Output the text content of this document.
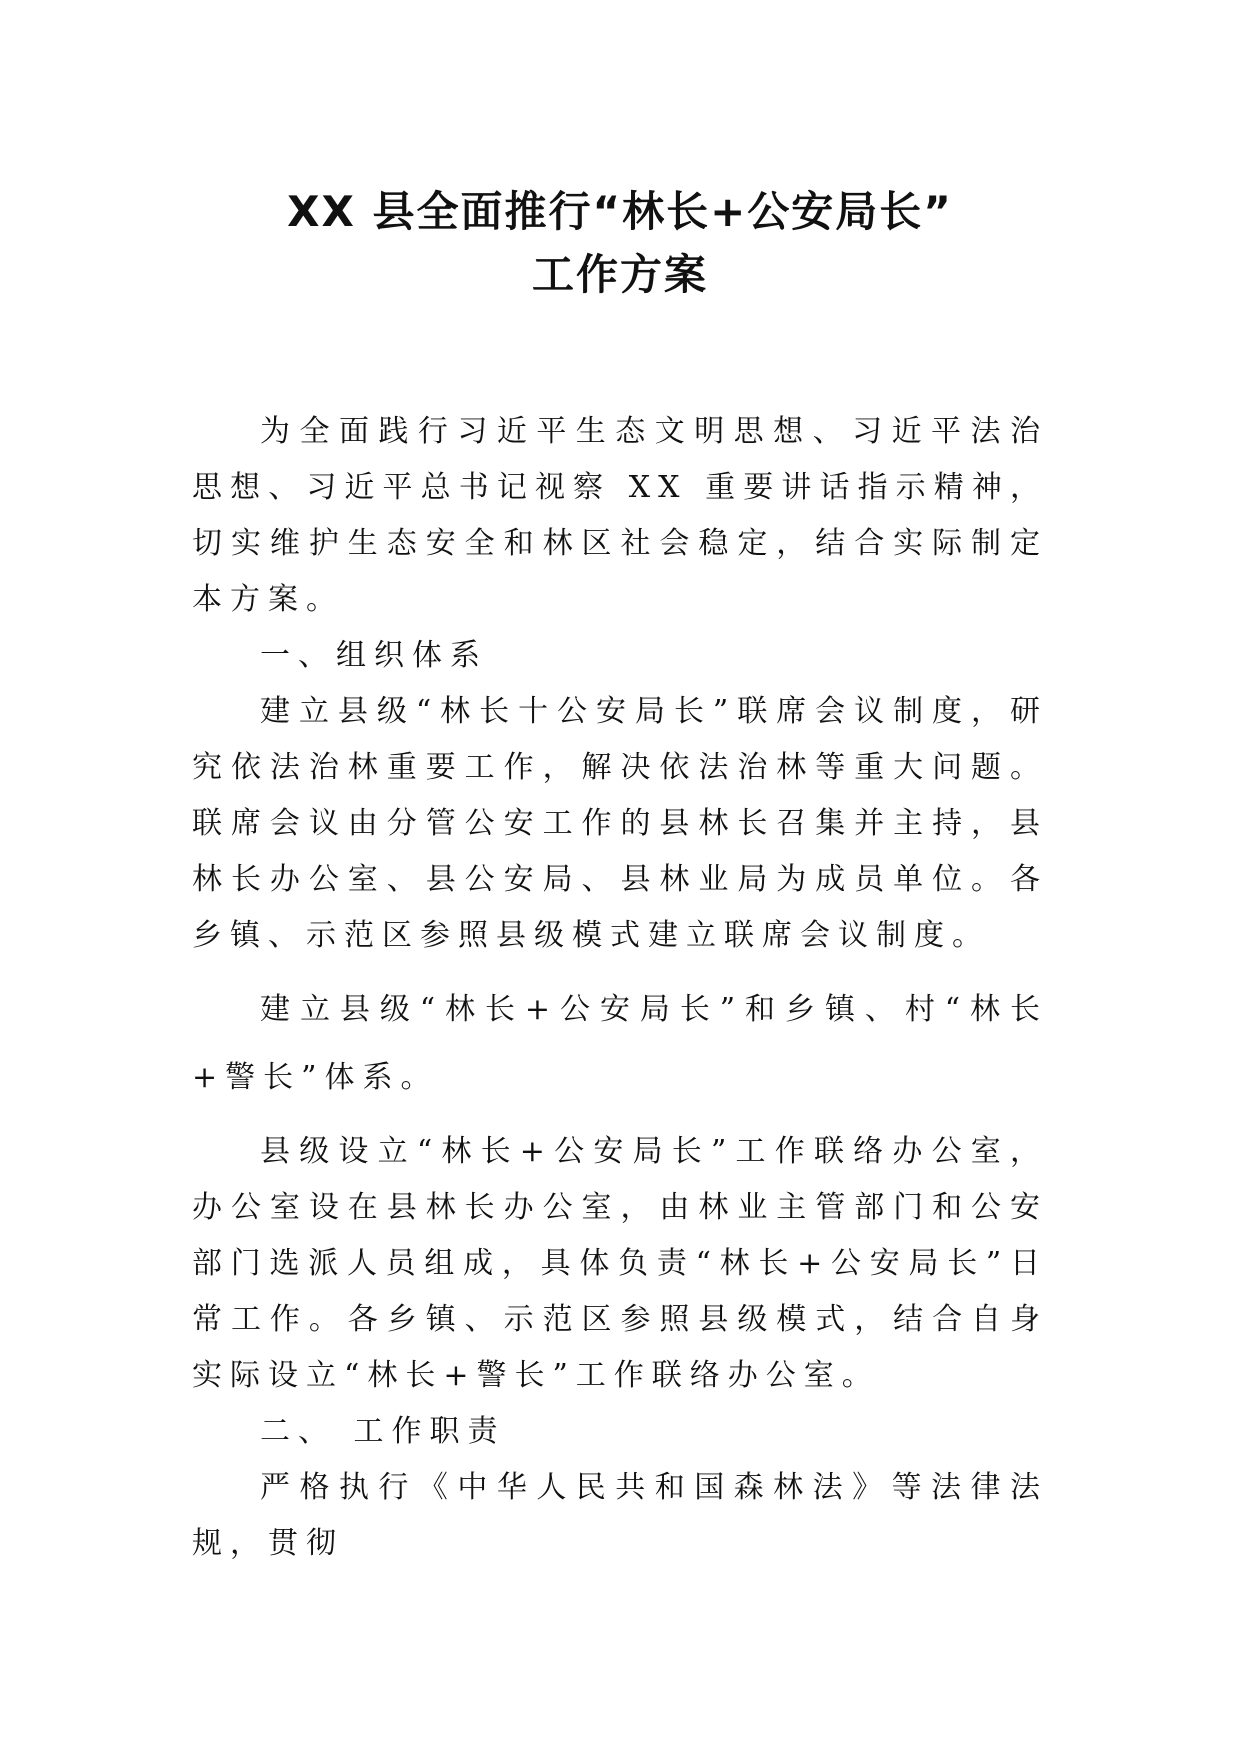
XX 县全面推行“林长+公安局长”
工作方案

为全面践行习近平生态文明思想、习近平法治思想、习近平总书记视察 XX 重要讲话指示精神，切实维护生态安全和林区社会稳定，结合实际制定本方案。

一、组织体系

建立县级“林长十公安局长”联席会议制度，研究依法治林重要工作，解决依法治林等重大问题。联席会议由分管公安工作的县林长召集并主持，县林长办公室、县公安局、县林业局为成员单位。各乡镇、示范区参照县级模式建立联席会议制度。

建立县级“林长+公安局长”和乡镇、村“林长+警长”体系。

县级设立“林长+公安局长”工作联络办公室，办公室设在县林长办公室，由林业主管部门和公安部门选派人员组成，具体负责“林长+公安局长”日常工作。各乡镇、示范区参照县级模式，结合自身实际设立“林长+警长”工作联络办公室。

二、 工作职责

严格执行《中华人民共和国森林法》等法律法规，贯彻
